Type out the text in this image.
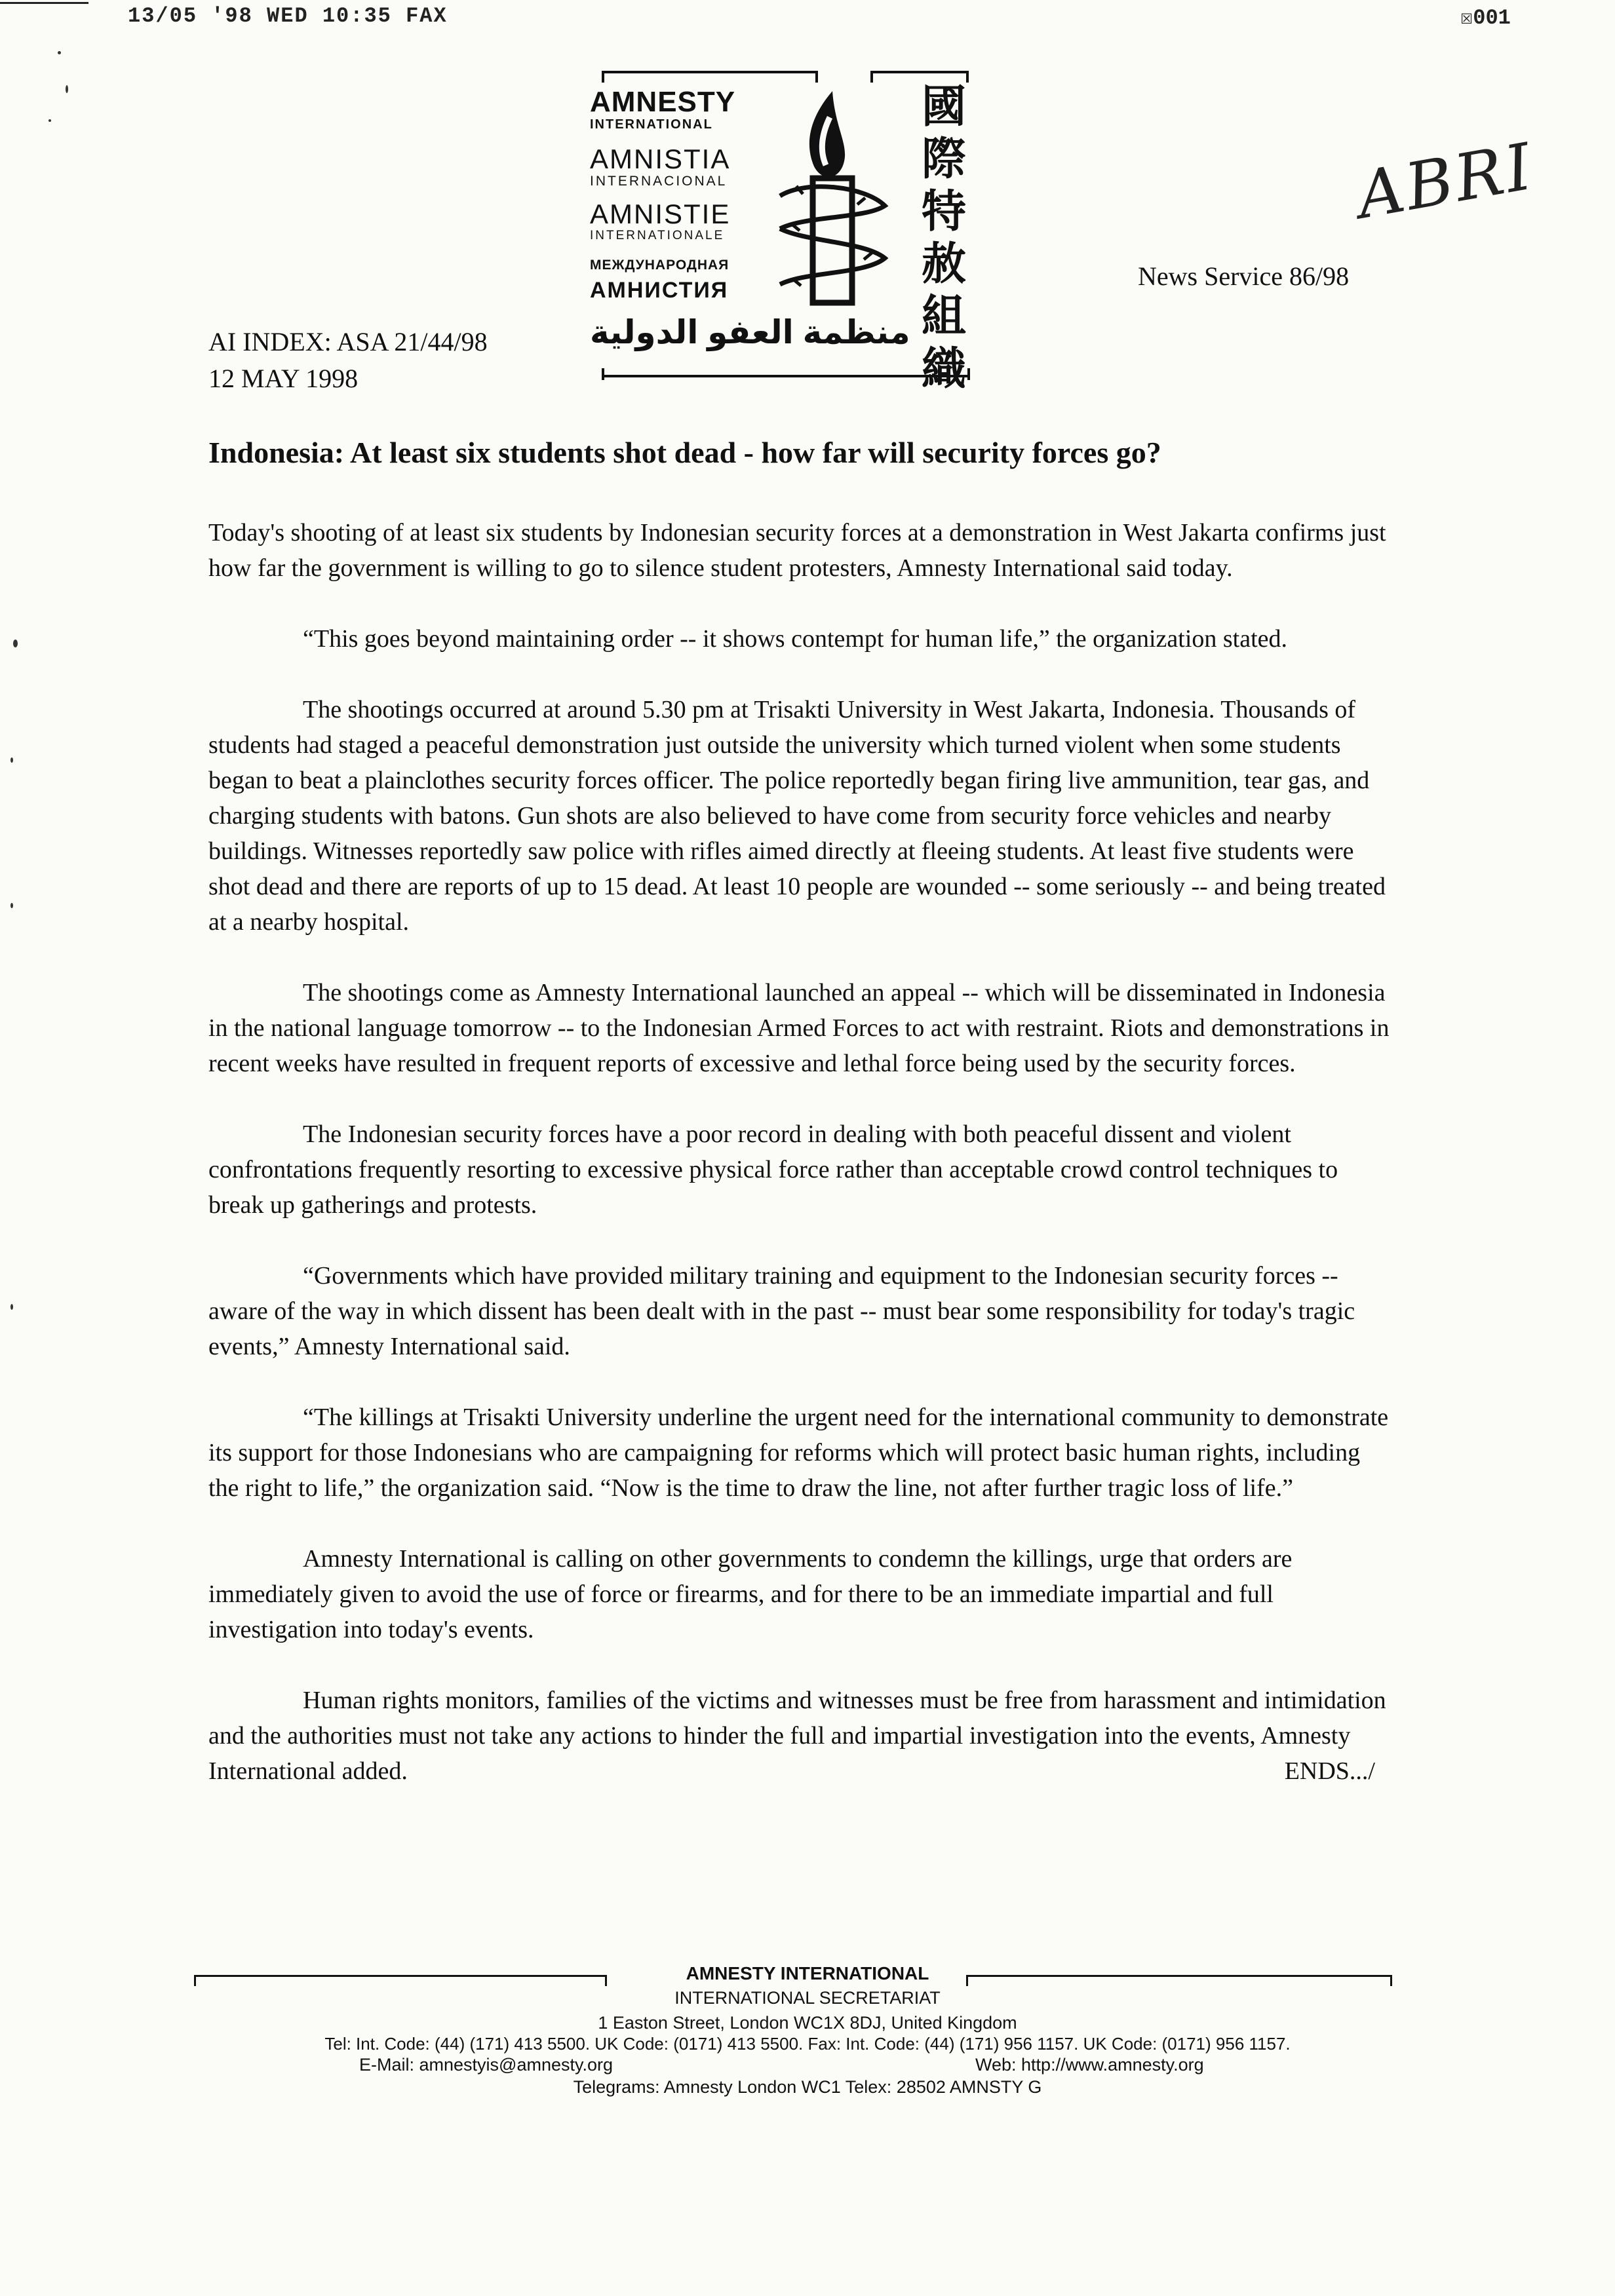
13/05 '98 WED 10:35 FAX	☒001
AMNESTY
INTERNATIONAL
AMNISTIA
INTERNACIONAL
AMNISTIE
INTERNATIONALE
МЕЖДУНАРОДНАЯ
АМНИСТИЯ
منظمة العفو الدولية
國
際
特
赦
組
織
ABRI
News Service 86/98
AI INDEX: ASA 21/44/98
12 MAY 1998
Indonesia: At least six students shot dead - how far will security forces go?

Today's shooting of at least six students by Indonesian security forces at a demonstration in West Jakarta confirms just how far the government is willing to go to silence student protesters, Amnesty International said today.

“This goes beyond maintaining order -- it shows contempt for human life,” the organization stated.

The shootings occurred at around 5.30 pm at Trisakti University in West Jakarta, Indonesia. Thousands of students had staged a peaceful demonstration just outside the university which turned violent when some students began to beat a plainclothes security forces officer. The police reportedly began firing live ammunition, tear gas, and charging students with batons. Gun shots are also believed to have come from security force vehicles and nearby buildings. Witnesses reportedly saw police with rifles aimed directly at fleeing students. At least five students were shot dead and there are reports of up to 15 dead. At least 10 people are wounded -- some seriously -- and being treated at a nearby hospital.

The shootings come as Amnesty International launched an appeal -- which will be disseminated in Indonesia in the national language tomorrow -- to the Indonesian Armed Forces to act with restraint. Riots and demonstrations in recent weeks have resulted in frequent reports of excessive and lethal force being used by the security forces.

The Indonesian security forces have a poor record in dealing with both peaceful dissent and violent confrontations frequently resorting to excessive physical force rather than acceptable crowd control techniques to break up gatherings and protests.

“Governments which have provided military training and equipment to the Indonesian security forces -- aware of the way in which dissent has been dealt with in the past -- must bear some responsibility for today's tragic events,” Amnesty International said.

“The killings at Trisakti University underline the urgent need for the international community to demonstrate its support for those Indonesians who are campaigning for reforms which will protect basic human rights, including the right to life,” the organization said. “Now is the time to draw the line, not after further tragic loss of life.”

Amnesty International is calling on other governments to condemn the killings, urge that orders are immediately given to avoid the use of force or firearms, and for there to be an immediate impartial and full investigation into today's events.

Human rights monitors, families of the victims and witnesses must be free from harassment and intimidation and the authorities must not take any actions to hinder the full and impartial investigation into the events, Amnesty International added.	ENDS.../

AMNESTY INTERNATIONAL
INTERNATIONAL SECRETARIAT
1 Easton Street, London WC1X 8DJ, United Kingdom
Tel: Int. Code: (44) (171) 413 5500. UK Code: (0171) 413 5500. Fax: Int. Code: (44) (171) 956 1157. UK Code: (0171) 956 1157.
E-Mail: amnestyis@amnesty.org	Web: http://www.amnesty.org
Telegrams: Amnesty London WC1 Telex: 28502 AMNSTY G
